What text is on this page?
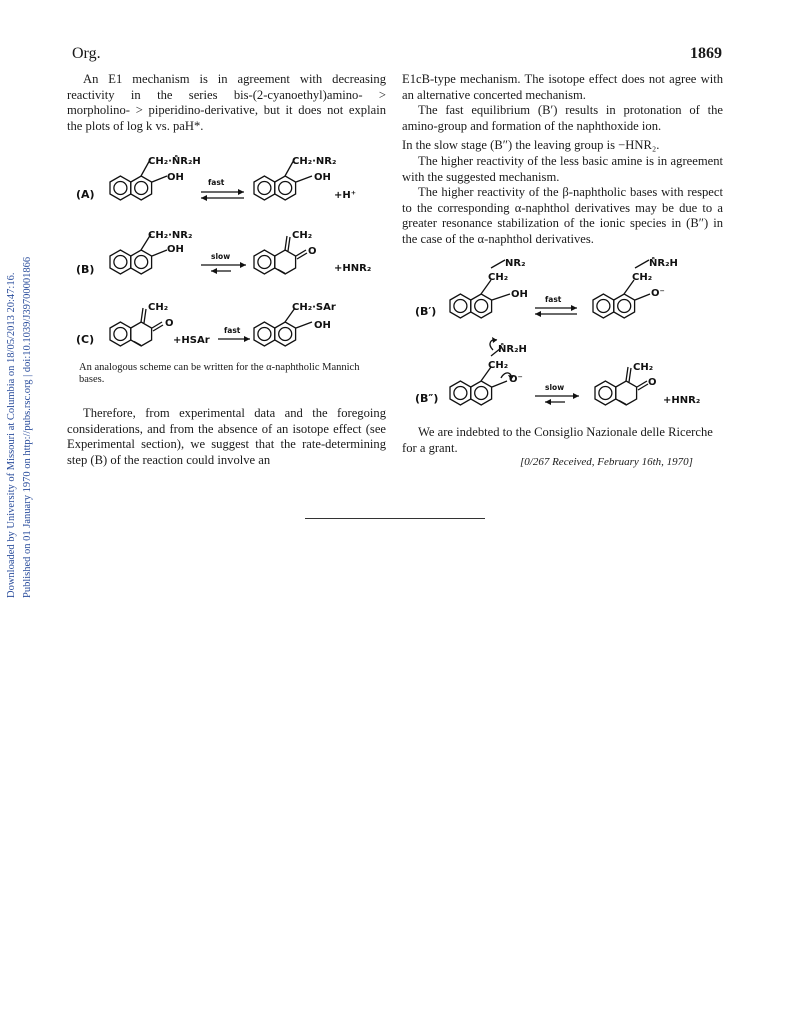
Downloaded by University of Missouri at Columbia on 18/05/2013 20:47:16. Published on 01 January 1970 on http://pubs.rsc.org | doi:10.1039/J39700001866
Org.	1869

An E1 mechanism is in agreement with decreasing reactivity in the series bis-(2-cyanoethyl)amino- > morpholino- > piperidino-derivative, but it does not explain the plots of log k vs. paH*.

(A)
CH₂·N̊R₂H
OH	fast
CH₂·NR₂
OH
+H⁺
(B)
CH₂·NR₂
OH
slow
CH₂
O
+HNR₂
(C)
CH₂
O
+HSAr
fast
CH₂·SAr
OH
An analogous scheme can be written for the α-naphtholic Mannich bases.

Therefore, from experimental data and the foregoing considerations, and from the absence of an isotope effect (see Experimental section), we suggest that the rate-determining step (B) of the reaction could involve an

E1cB-type mechanism. The isotope effect does not agree with an alternative concerted mechanism.

The fast equilibrium (B′) results in protonation of the amino-group and formation of the naphthoxide ion.

In the slow stage (B″) the leaving group is −HNR₂.

The higher reactivity of the less basic amine is in agreement with the suggested mechanism.

The higher reactivity of the β-naphtholic bases with respect to the corresponding α-naphthol derivatives may be due to a greater resonance stabilization of the ionic species in (B″) in the case of the α-naphthol derivatives.

(B′)
NR₂
CH₂
OH fast
N̊R₂H
CH₂
O⁻
(B″)
N̊R₂H
CH₂
O⁻
slow
CH₂
O
+HNR₂
We are indebted to the Consiglio Nazionale delle Ricerche for a grant.
[0/267 Received, February 16th, 1970]
